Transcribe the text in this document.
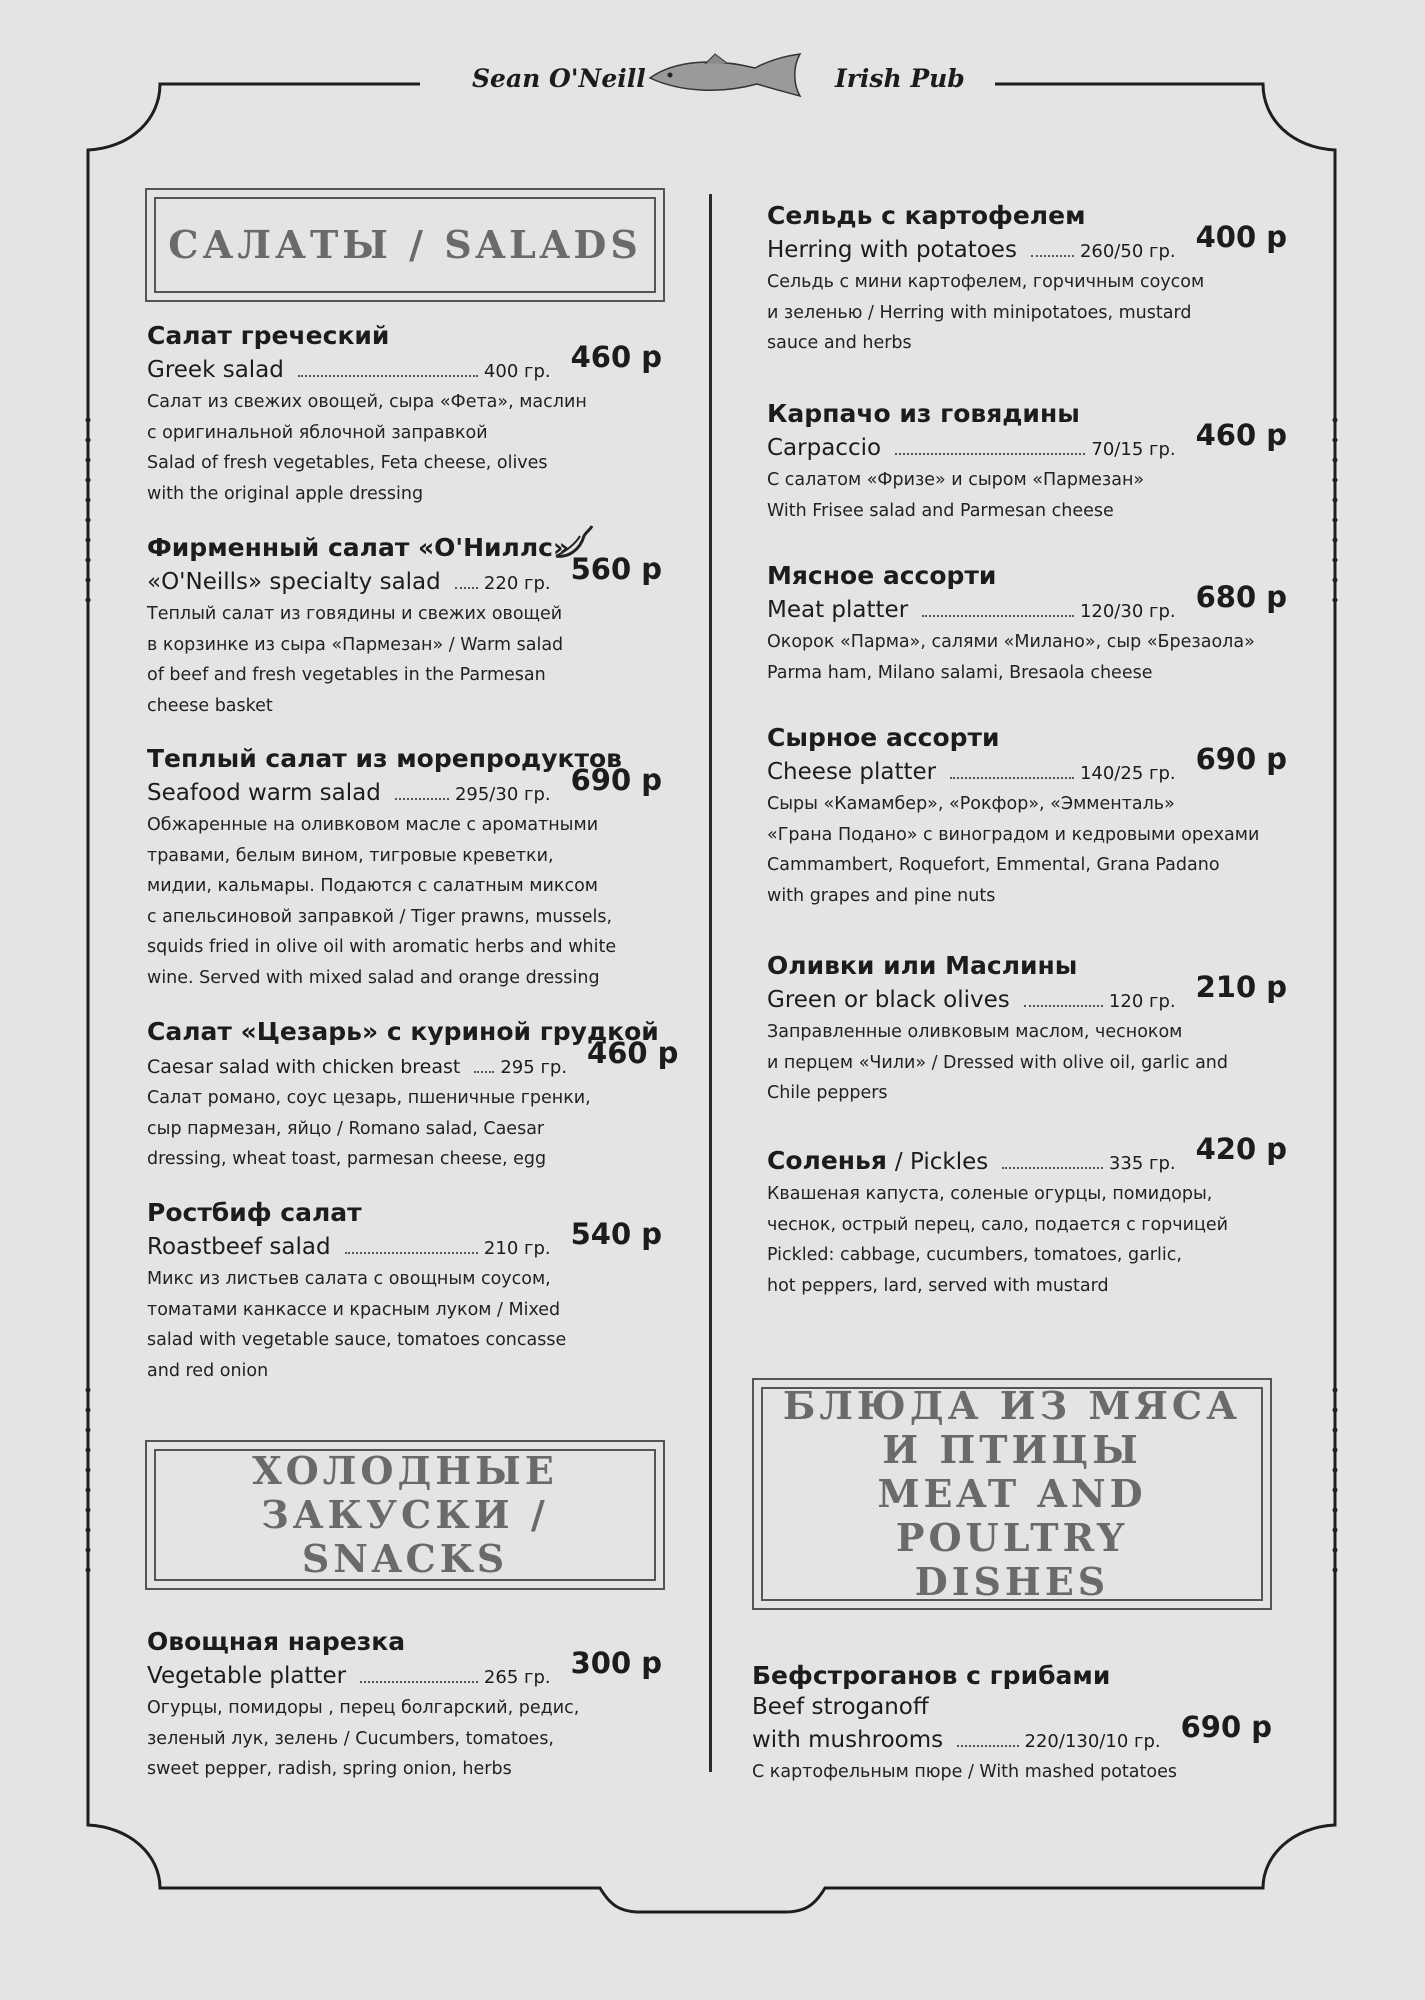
Sean O'Neill	Irish Pub
САЛАТЫ / SALADS
Салат греческий
Greek salad	400 гр. 460 р
Салат из свежих овощей, сыра «Фета», маслин
с оригинальной яблочной заправкой
Salad of fresh vegetables, Feta cheese, olives
with the original apple dressing
Фирменный салат «О'Ниллс»
«O'Neills» specialty salad 220 гр. 560 р
Теплый салат из говядины и свежих овощей
в корзинке из сыра «Пармезан» / Warm salad
of beef and fresh vegetables in the Parmesan
cheese basket
Теплый салат из морепродуктов
Seafood warm salad	295/30 гр. 690 р
Обжаренные на оливковом масле с ароматными
травами, белым вином, тигровые креветки,
мидии, кальмары. Подаются с салатным миксом
с апельсиновой заправкой / Tiger prawns, mussels,
squids fried in olive oil with aromatic herbs and white
wine. Served with mixed salad and orange dressing
Салат «Цезарь» с куриной грудкой
Caesar salad with chicken breast 295 гр. 460 р
Салат романо, соус цезарь, пшеничные гренки,
сыр пармезан, яйцо / Romano salad, Caesar
dressing, wheat toast, parmesan cheese, egg
Ростбиф салат
Roastbeef salad	210 гр. 540 р
Микс из листьев салата с овощным соусом,
томатами канкассе и красным луком / Mixed
salad with vegetable sauce, tomatoes concasse
and red onion
ХОЛОДНЫЕ
ЗАКУСКИ / SNACKS
Овощная нарезка
Vegetable platter	265 гр. 300 р
Огурцы, помидоры , перец болгарский, редис,
зеленый лук, зелень / Cucumbers, tomatoes,
sweet pepper, radish, spring onion, herbs
Сельдь с картофелем
Herring with potatoes	260/50 гр. 400 р
Сельдь с мини картофелем, горчичным соусом
и зеленью / Herring with minipotatoes, mustard
sauce and herbs
Карпачо из говядины
Carpaccio	70/15 гр. 460 р
С салатом «Фризе» и сыром «Пармезан»
With Frisee salad and Parmesan cheese
Мясное ассорти
Meat platter	120/30 гр. 680 р
Окорок «Парма», салями «Милано», сыр «Брезаола»
Parma ham, Milano salami, Bresaola cheese
Сырное ассорти
Cheese platter	140/25 гр. 690 р
Сыры «Камамбер», «Рокфор», «Эмменталь»
«Грана Подано» с виноградом и кедровыми орехами
Cammambert, Roquefort, Emmental, Grana Padano
with grapes and pine nuts
Оливки или Маслины
Green or black olives	120 гр. 210 р
Заправленные оливковым маслом, чесноком
и перцем «Чили» / Dressed with olive oil, garlic and
Chile peppers
Соленья / Pickles	335 гр. 420 р
Квашеная капуста, соленые огурцы, помидоры,
чеснок, острый перец, сало, подается с горчицей
Pickled: cabbage, cucumbers, tomatoes, garlic,
hot peppers, lard, served with mustard
БЛЮДА ИЗ МЯСА
И ПТИЦЫ
MEAT AND POULTRY
DISHES
Бефстроганов с грибами
Beef stroganoff
with mushrooms	220/130/10 гр. 690 р
С картофельным пюре / With mashed potatoes
